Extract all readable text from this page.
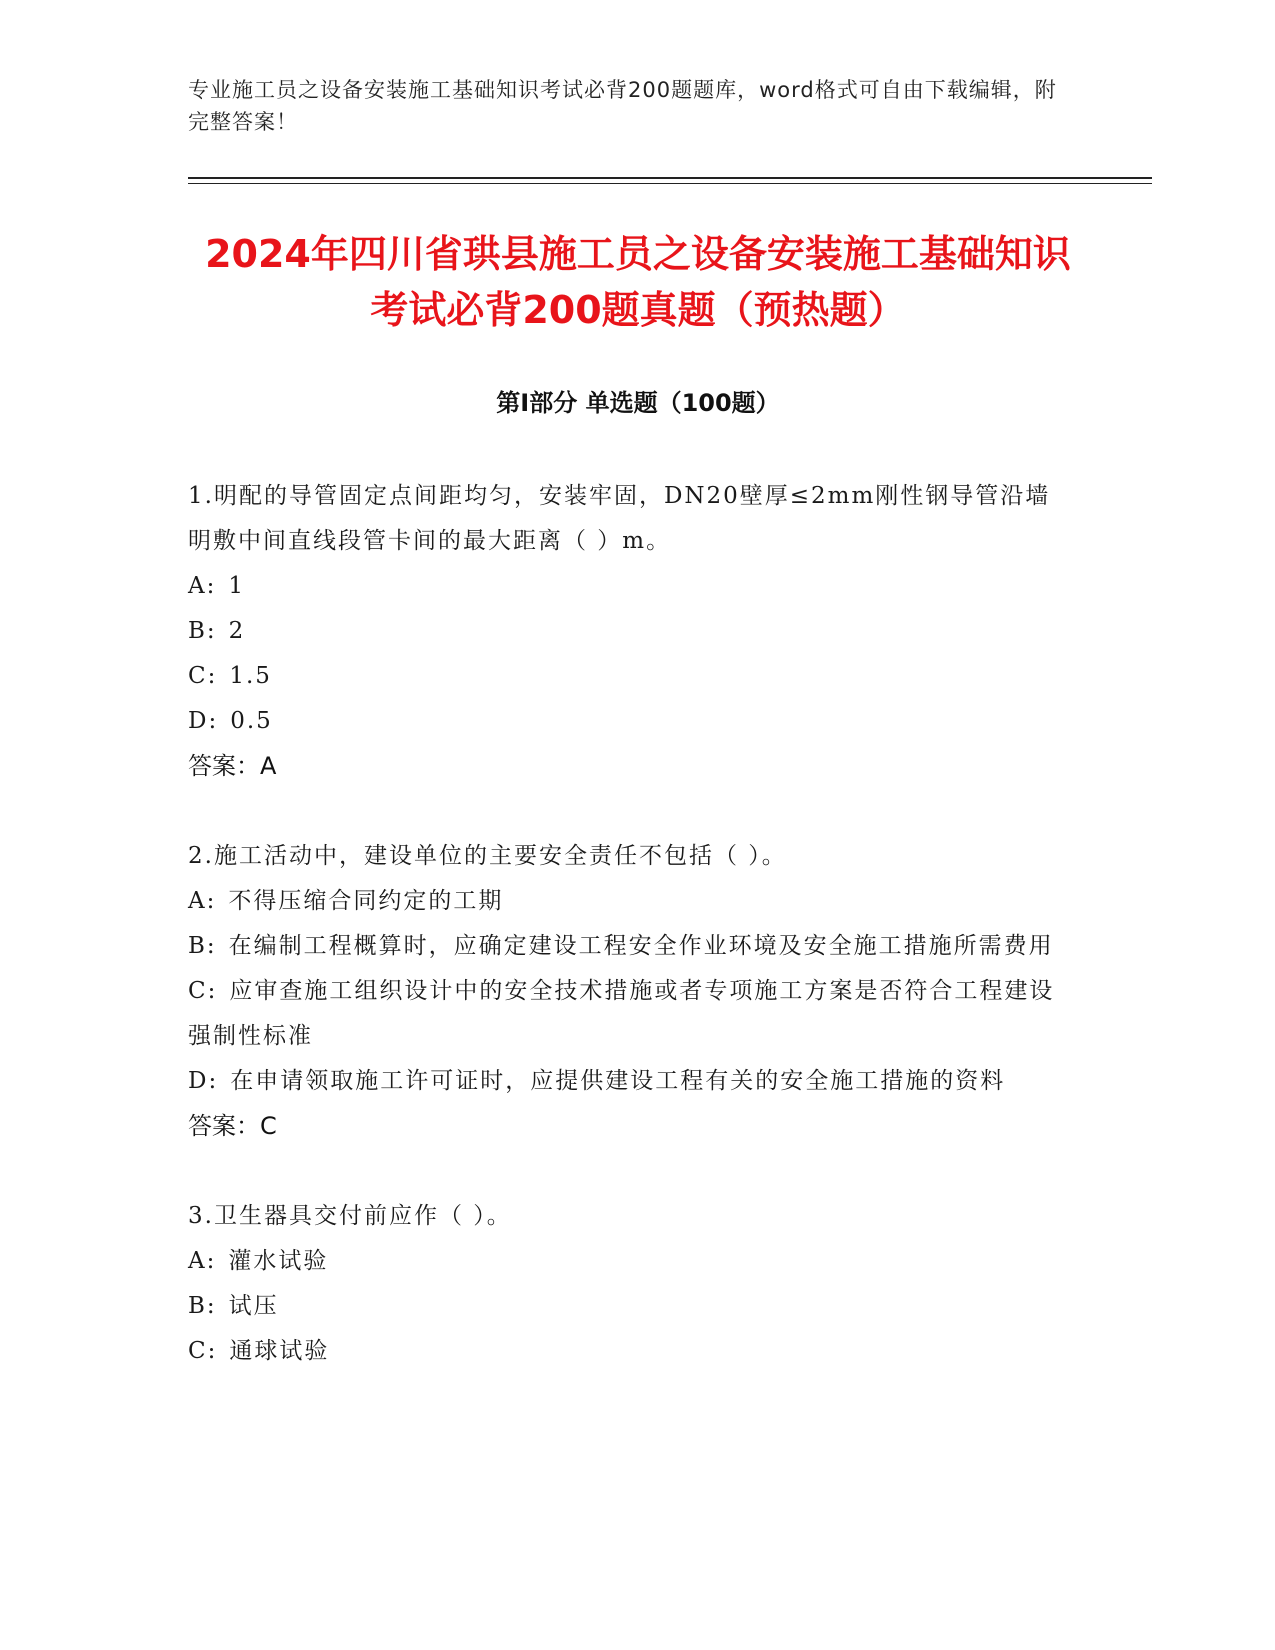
专业施工员之设备安装施工基础知识考试必背200题题库，word格式可自由下载编辑，附完整答案！
2024年四川省珙县施工员之设备安装施工基础知识考试必背200题真题（预热题）
第Ⅰ部分 单选题（100题）

1.明配的导管固定点间距均匀，安装牢固，DN20壁厚≤2mm刚性钢导管沿墙明敷中间直线段管卡间的最大距离（ ）m。

A: 1

B: 2

C: 1.5

D: 0.5

答案：A

2.施工活动中，建设单位的主要安全责任不包括（ ）。

A: 不得压缩合同约定的工期

B: 在编制工程概算时，应确定建设工程安全作业环境及安全施工措施所需费用

C: 应审查施工组织设计中的安全技术措施或者专项施工方案是否符合工程建设强制性标准

D: 在申请领取施工许可证时，应提供建设工程有关的安全施工措施的资料

答案：C

3.卫生器具交付前应作（ ）。

A: 灌水试验

B: 试压

C: 通球试验
